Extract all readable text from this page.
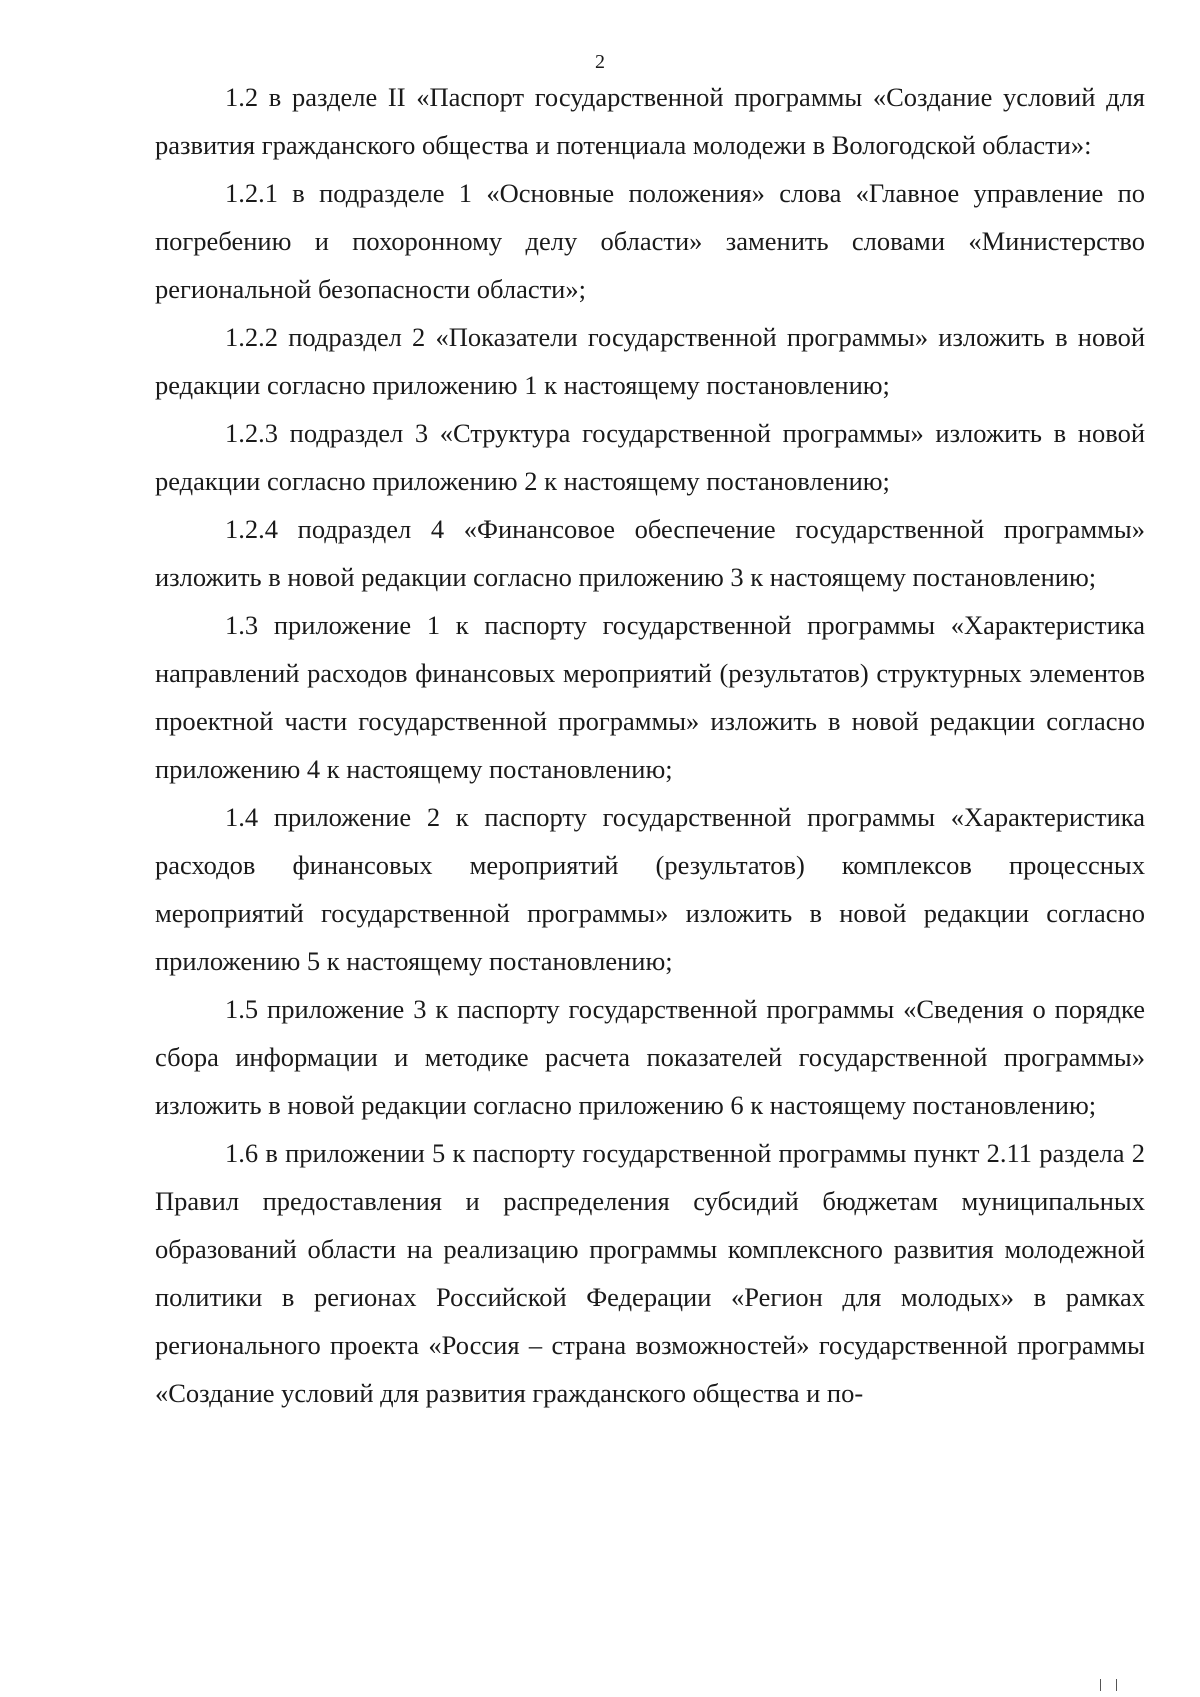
2

1.2 в разделе II «Паспорт государственной программы «Создание условий для развития гражданского общества и потенциала молодежи в Вологодской области»:

1.2.1 в подразделе 1 «Основные положения» слова «Главное управление по погребению и похоронному делу области» заменить словами «Министерство региональной безопасности области»;

1.2.2 подраздел 2 «Показатели государственной программы» изложить в новой редакции согласно приложению 1 к настоящему постановлению;

1.2.3 подраздел 3 «Структура государственной программы» изложить в новой редакции согласно приложению 2 к настоящему постановлению;

1.2.4 подраздел 4 «Финансовое обеспечение государственной программы» изложить в новой редакции согласно приложению 3 к настоящему постановлению;

1.3 приложение 1 к паспорту государственной программы «Характеристика направлений расходов финансовых мероприятий (результатов) структурных элементов проектной части государственной программы» изложить в новой редакции согласно приложению 4 к настоящему постановлению;

1.4 приложение 2 к паспорту государственной программы «Характеристика расходов финансовых мероприятий (результатов) комплексов процессных мероприятий государственной программы» изложить в новой редакции согласно приложению 5 к настоящему постановлению;

1.5 приложение 3 к паспорту государственной программы «Сведения о порядке сбора информации и методике расчета показателей государственной программы» изложить в новой редакции согласно приложению 6 к настоящему постановлению;

1.6 в приложении 5 к паспорту государственной программы пункт 2.11 раздела 2 Правил предоставления и распределения субсидий бюджетам муниципальных образований области на реализацию программы комплексного развития молодежной политики в регионах Российской Федерации «Регион для молодых» в рамках регионального проекта «Россия – страна возможностей» государственной программы «Создание условий для развития гражданского общества и по-
